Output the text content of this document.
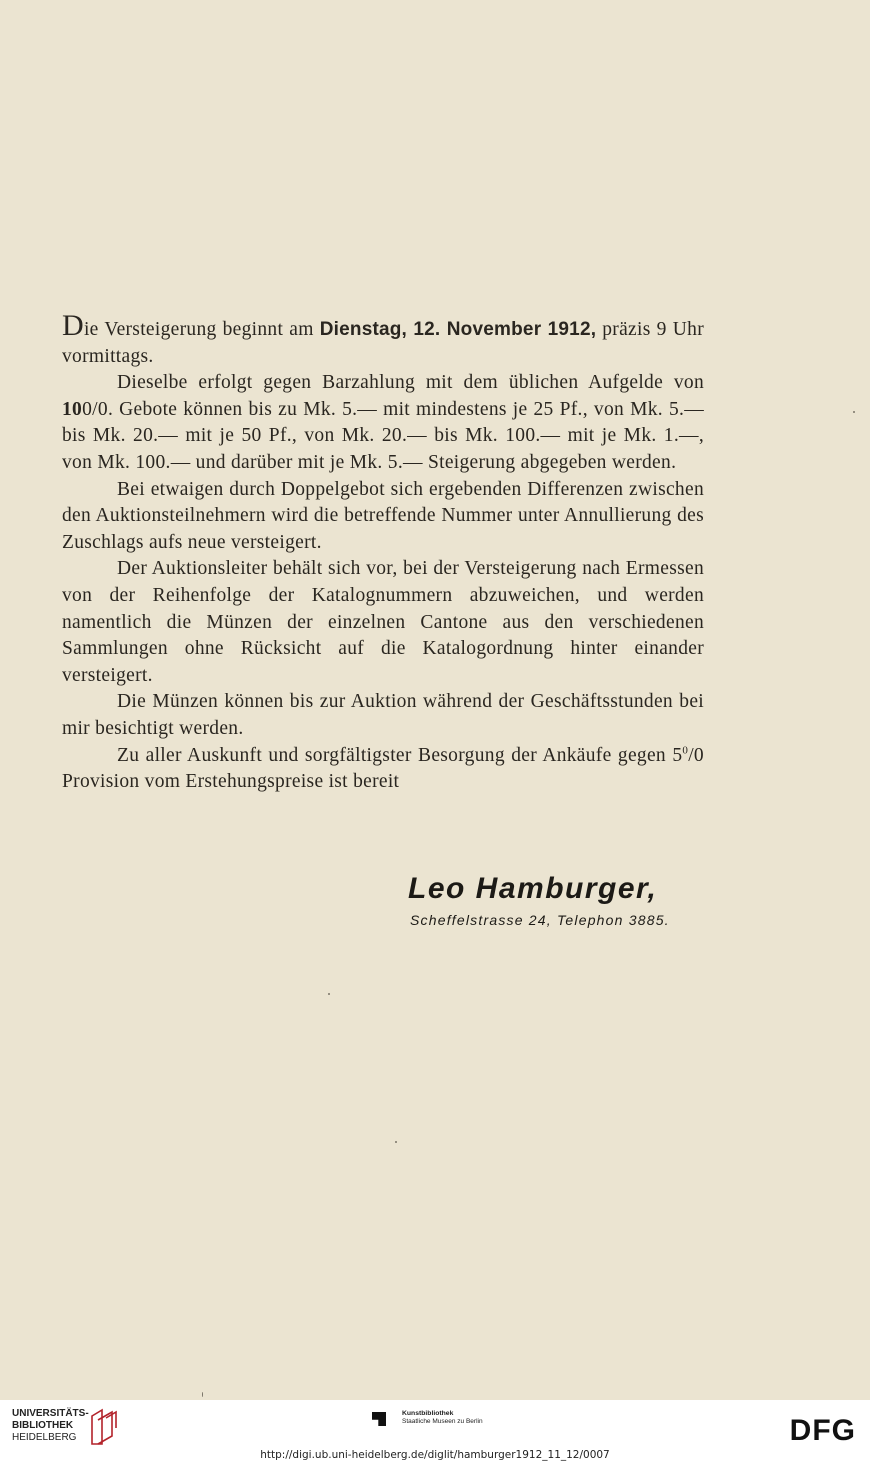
Die Versteigerung beginnt am Dienstag, 12. November 1912, präzis 9 Uhr vormittags.

Dieselbe erfolgt gegen Barzahlung mit dem üblichen Aufgelde von 100/0. Gebote können bis zu Mk. 5.— mit mindestens je 25 Pf., von Mk. 5.— bis Mk. 20.— mit je 50 Pf., von Mk. 20.— bis Mk. 100.— mit je Mk. 1.—, von Mk. 100.— und darüber mit je Mk. 5.— Steigerung abgegeben werden.

Bei etwaigen durch Doppelgebot sich ergebenden Differenzen zwischen den Auktionsteilnehmern wird die betreffende Nummer unter Annullierung des Zuschlags aufs neue versteigert.

Der Auktionsleiter behält sich vor, bei der Versteigerung nach Ermessen von der Reihenfolge der Katalognummern abzuweichen, und werden namentlich die Münzen der einzelnen Cantone aus den verschiedenen Sammlungen ohne Rücksicht auf die Katalogordnung hinter einander versteigert.

Die Münzen können bis zur Auktion während der Geschäftsstunden bei mir besichtigt werden.

Zu aller Auskunft und sorgfältigster Besorgung der Ankäufe gegen $5^0/0$ Provision vom Erstehungspreise ist bereit

Leo Hamburger,

Scheffelstrasse 24, Telephon 3885.

UNIVERSITÄTS-
BIBLIOTHEK
HEIDELBERG
Kunstbibliothek
Staatliche Museen zu Berlin	DFG
http://digi.ub.uni-heidelberg.de/diglit/hamburger1912_11_12/0007
